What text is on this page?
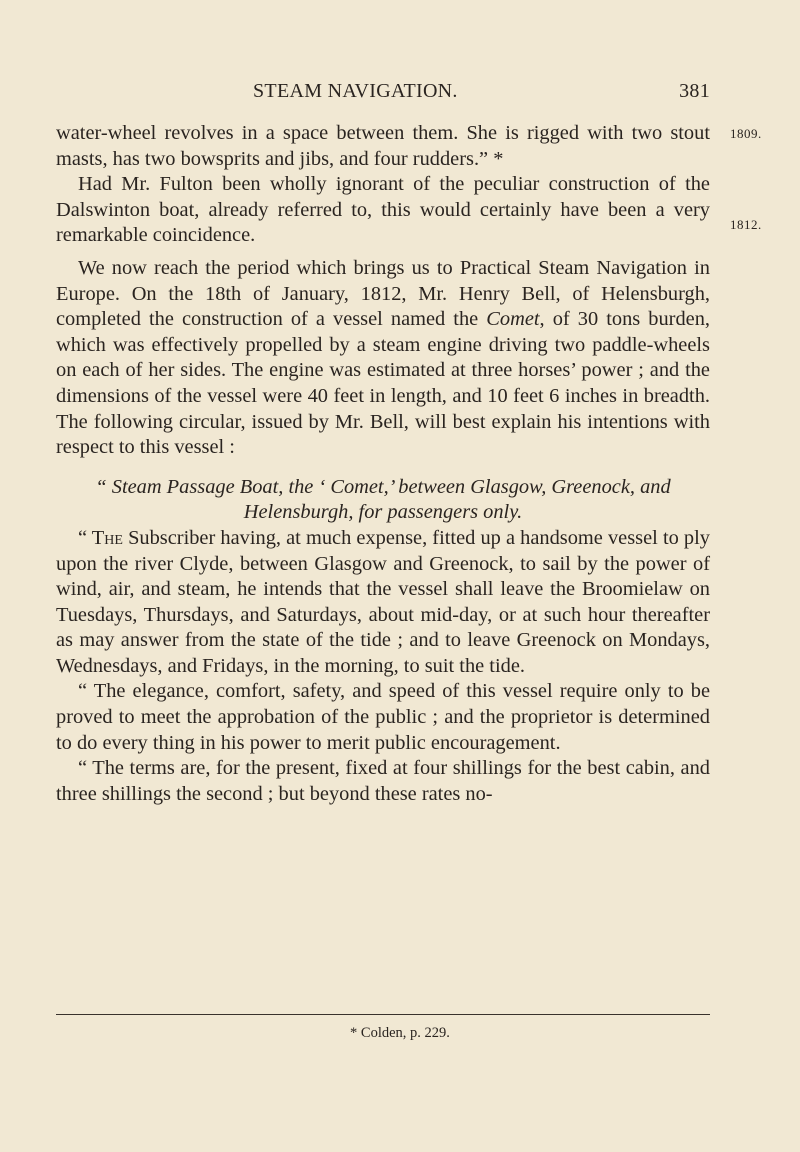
STEAM NAVIGATION.	381
1809.
1812.

water-wheel revolves in a space between them. She is rigged with two stout masts, has two bowsprits and jibs, and four rudders.” *

Had Mr. Fulton been wholly ignorant of the peculiar construction of the Dalswinton boat, already referred to, this would certainly have been a very remarkable coincidence.

We now reach the period which brings us to Practical Steam Navigation in Europe. On the 18th of January, 1812, Mr. Henry Bell, of Helensburgh, completed the construction of a vessel named the Comet, of 30 tons burden, which was effectively propelled by a steam engine driving two paddle-wheels on each of her sides. The engine was estimated at three horses’ power ; and the dimensions of the vessel were 40 feet in length, and 10 feet 6 inches in breadth. The following circular, issued by Mr. Bell, will best explain his intentions with respect to this vessel :

“ Steam Passage Boat, the ‘ Comet,’ between Glasgow, Greenock, and Helensburgh, for passengers only.

“ The Subscriber having, at much expense, fitted up a handsome vessel to ply upon the river Clyde, between Glasgow and Greenock, to sail by the power of wind, air, and steam, he intends that the vessel shall leave the Broomielaw on Tuesdays, Thursdays, and Saturdays, about mid-day, or at such hour thereafter as may answer from the state of the tide ; and to leave Greenock on Mondays, Wednesdays, and Fridays, in the morning, to suit the tide.

“ The elegance, comfort, safety, and speed of this vessel require only to be proved to meet the approbation of the public ; and the proprietor is determined to do every thing in his power to merit public encouragement.

“ The terms are, for the present, fixed at four shillings for the best cabin, and three shillings the second ; but beyond these rates no-

* Colden, p. 229.
